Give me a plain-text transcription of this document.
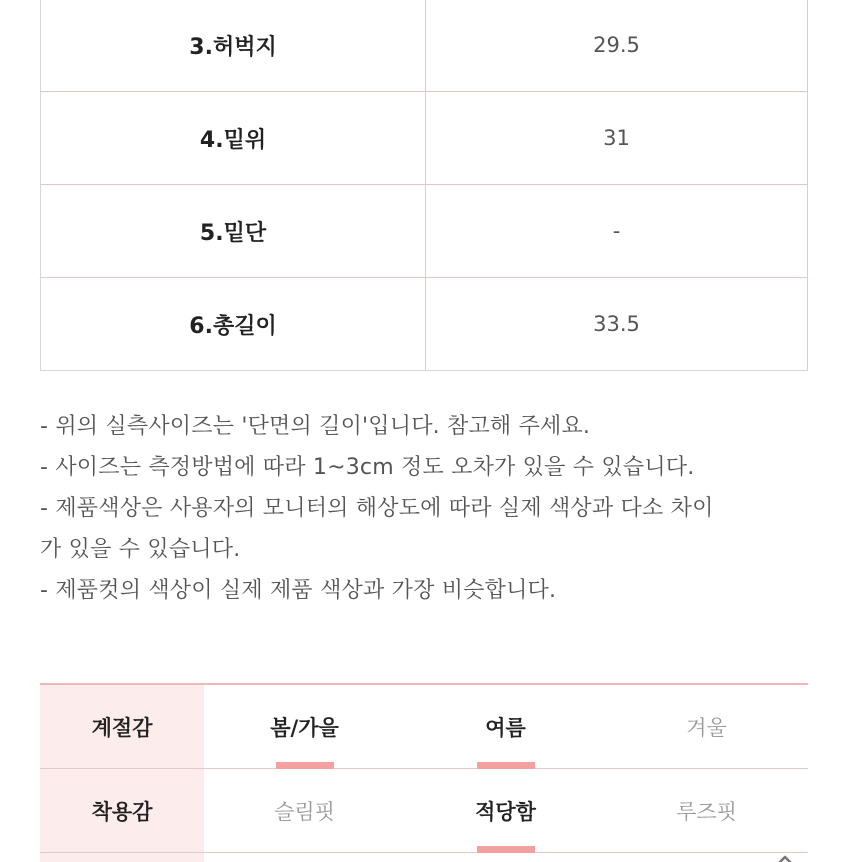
3.허벅지	29.5
4.밑위	31
5.밑단	-
6.총길이	33.5

- 위의 실측사이즈는 '단면의 길이'입니다. 참고해 주세요.

- 사이즈는 측정방법에 따라 1~3cm 정도 오차가 있을 수 있습니다.

- 제품색상은 사용자의 모니터의 해상도에 따라 실제 색상과 다소 차이

가 있을 수 있습니다.

- 제품컷의 색상이 실제 제품 색상과 가장 비슷합니다.

계절감	봄/가을	여름	겨울
착용감	슬림핏	적당함	루즈핏
